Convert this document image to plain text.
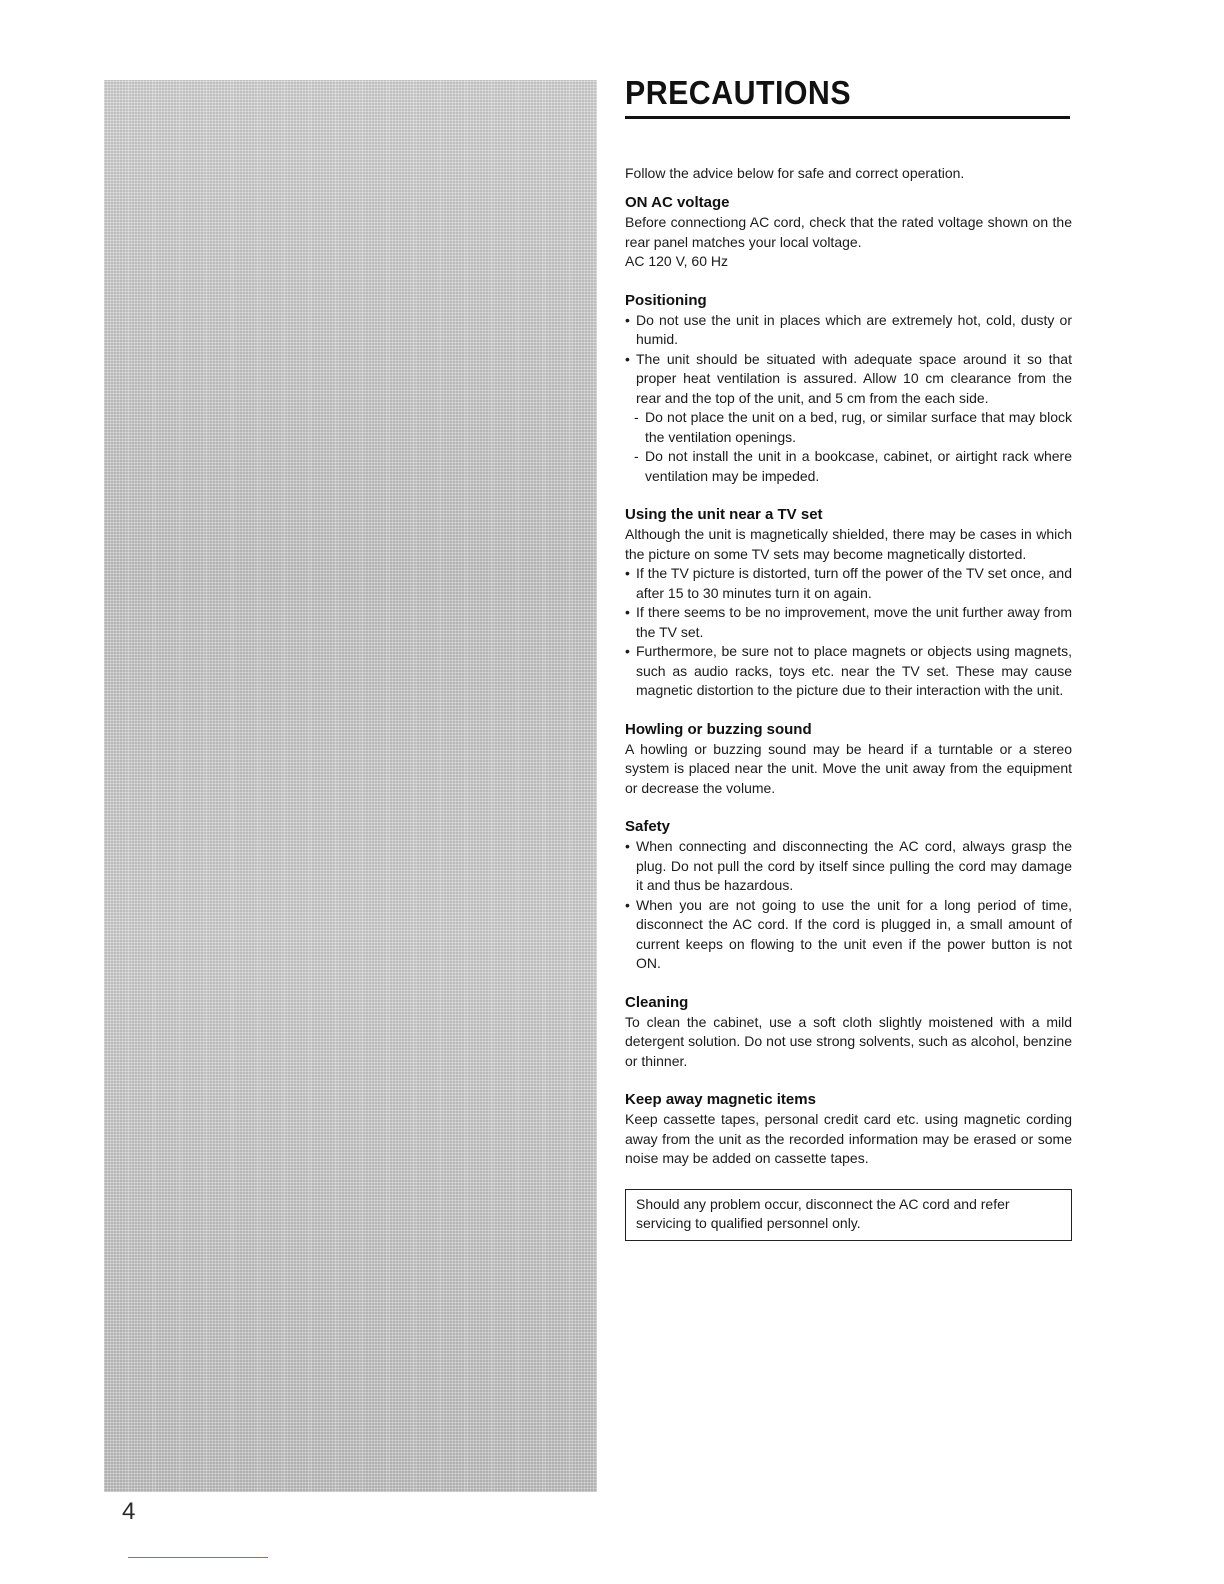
4
PRECAUTIONS
Follow the advice below for safe and correct operation.
ON AC voltage

Before connectiong AC cord, check that the rated voltage shown on the rear panel matches your local voltage.

AC 120 V, 60 Hz

Positioning
• Do not use the unit in places which are extremely hot, cold, dusty or humid.
• The unit should be situated with adequate space around it so that proper heat ventilation is assured. Allow 10 cm clearance from the rear and the top of the unit, and 5 cm from the each side.
- Do not place the unit on a bed, rug, or similar surface that may block the ventilation openings.
- Do not install the unit in a bookcase, cabinet, or airtight rack where ventilation may be impeded.
Using the unit near a TV set

Although the unit is magnetically shielded, there may be cases in which the picture on some TV sets may become magnetically distorted.

• If the TV picture is distorted, turn off the power of the TV set once, and after 15 to 30 minutes turn it on again.
• If there seems to be no improvement, move the unit further away from the TV set.
• Furthermore, be sure not to place magnets or objects using magnets, such as audio racks, toys etc. near the TV set. These may cause magnetic distortion to the picture due to their interaction with the unit.
Howling or buzzing sound

A howling or buzzing sound may be heard if a turntable or a stereo system is placed near the unit. Move the unit away from the equipment or decrease the volume.

Safety
• When connecting and disconnecting the AC cord, always grasp the plug. Do not pull the cord by itself since pulling the cord may damage it and thus be hazardous.
• When you are not going to use the unit for a long period of time, disconnect the AC cord. If the cord is plugged in, a small amount of current keeps on flowing to the unit even if the power button is not ON.
Cleaning

To clean the cabinet, use a soft cloth slightly moistened with a mild detergent solution. Do not use strong solvents, such as alcohol, benzine or thinner.

Keep away magnetic items

Keep cassette tapes, personal credit card etc. using magnetic cording away from the unit as the recorded information may be erased or some noise may be added on cassette tapes.

Should any problem occur, disconnect the AC cord and refer servicing to qualified personnel only.
